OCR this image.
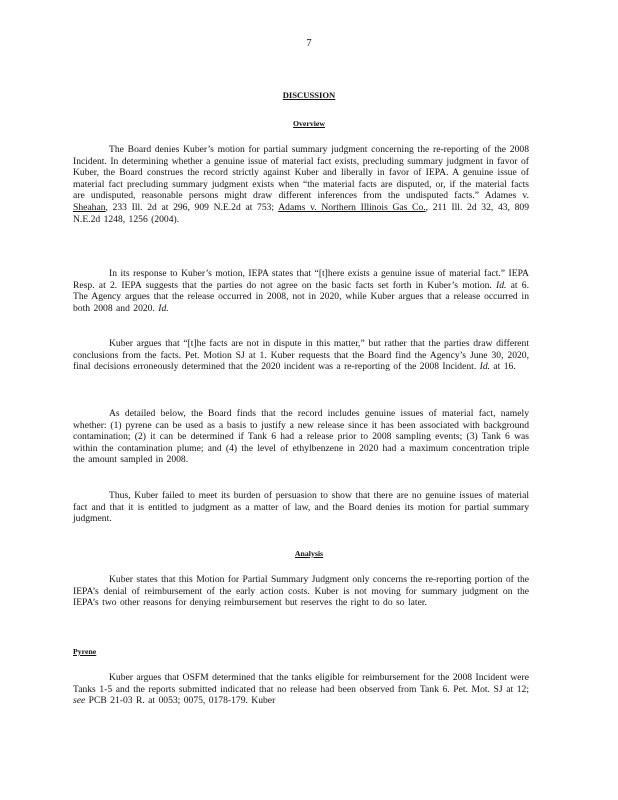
7
DISCUSSION
Overview

The Board denies Kuber’s motion for partial summary judgment concerning the re-reporting of the 2008 Incident. In determining whether a genuine issue of material fact exists, precluding summary judgment in favor of Kuber, the Board construes the record strictly against Kuber and liberally in favor of IEPA. A genuine issue of material fact precluding summary judgment exists when “the material facts are disputed, or, if the material facts are undisputed, reasonable persons might draw different inferences from the undisputed facts.” Adames v. Sheahan, 233 Ill. 2d at 296, 909 N.E.2d at 753; Adams v. Northern Illinois Gas Co., 211 Ill. 2d 32, 43, 809 N.E.2d 1248, 1256 (2004).

In its response to Kuber’s motion, IEPA states that “[t]here exists a genuine issue of material fact.” IEPA Resp. at 2. IEPA suggests that the parties do not agree on the basic facts set forth in Kuber’s motion. Id. at 6. The Agency argues that the release occurred in 2008, not in 2020, while Kuber argues that a release occurred in both 2008 and 2020. Id.

Kuber argues that “[t]he facts are not in dispute in this matter,” but rather that the parties draw different conclusions from the facts. Pet. Motion SJ at 1. Kuber requests that the Board find the Agency’s June 30, 2020, final decisions erroneously determined that the 2020 incident was a re-reporting of the 2008 Incident. Id. at 16.

As detailed below, the Board finds that the record includes genuine issues of material fact, namely whether: (1) pyrene can be used as a basis to justify a new release since it has been associated with background contamination; (2) it can be determined if Tank 6 had a release prior to 2008 sampling events; (3) Tank 6 was within the contamination plume; and (4) the level of ethylbenzene in 2020 had a maximum concentration triple the amount sampled in 2008.

Thus, Kuber failed to meet its burden of persuasion to show that there are no genuine issues of material fact and that it is entitled to judgment as a matter of law, and the Board denies its motion for partial summary judgment.

Analysis

Kuber states that this Motion for Partial Summary Judgment only concerns the re-reporting portion of the IEPA’s denial of reimbursement of the early action costs. Kuber is not moving for summary judgment on the IEPA’s two other reasons for denying reimbursement but reserves the right to do so later.

Pyrene

Kuber argues that OSFM determined that the tanks eligible for reimbursement for the 2008 Incident were Tanks 1-5 and the reports submitted indicated that no release had been observed from Tank 6. Pet. Mot. SJ at 12; see PCB 21-03 R. at 0053; 0075, 0178-179. Kuber
